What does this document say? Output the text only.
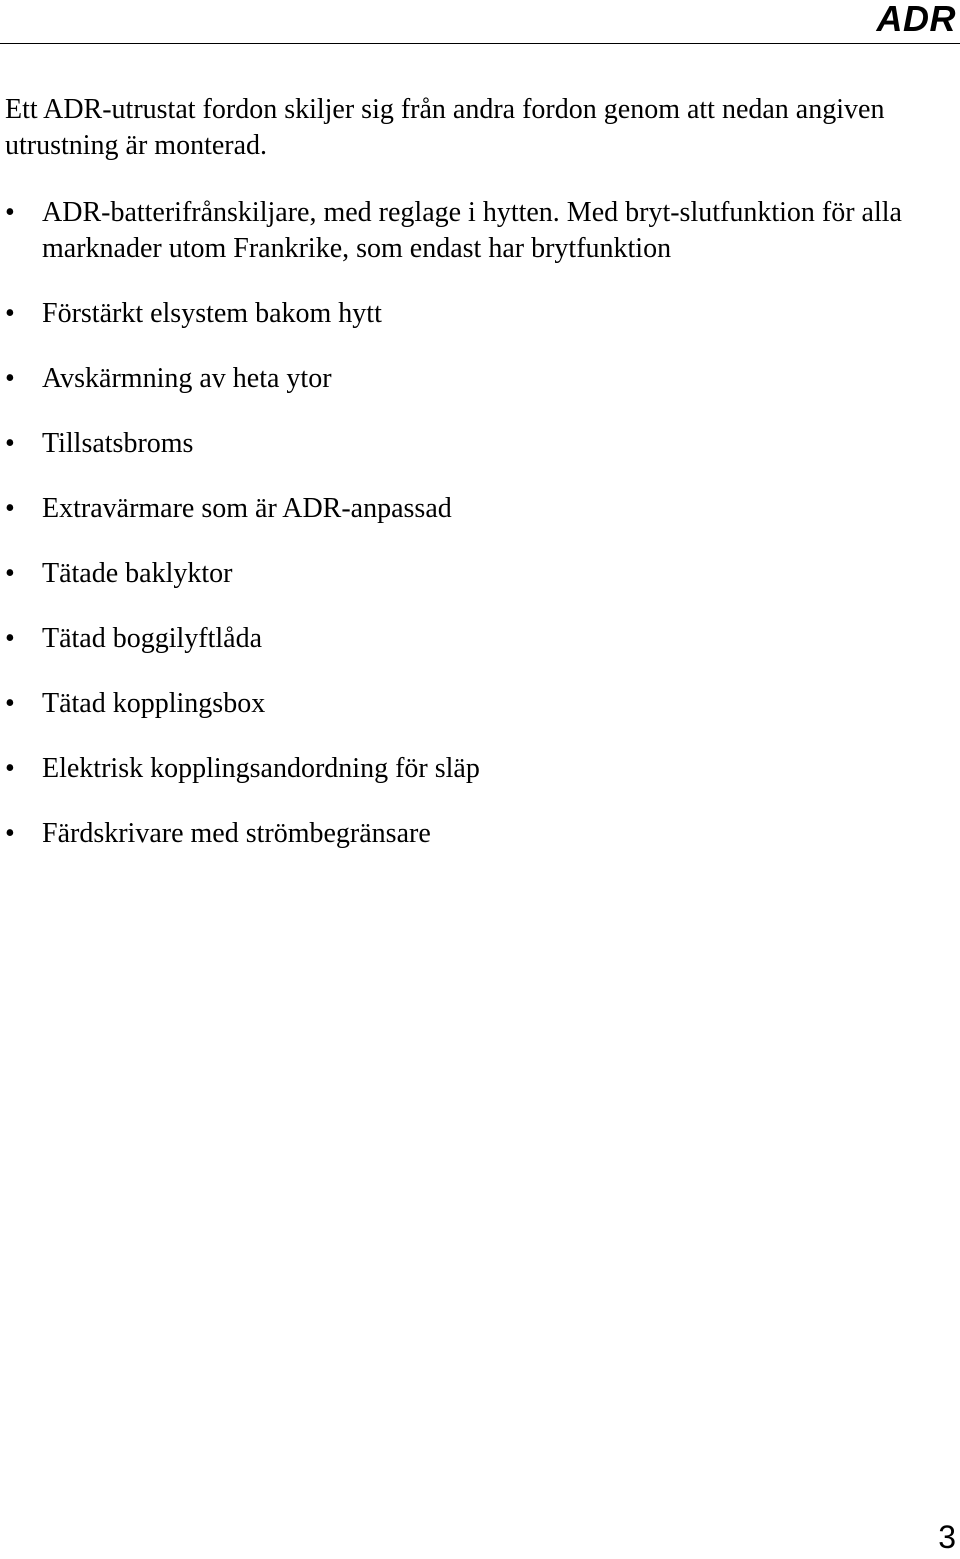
ADR

Ett ADR-utrustat fordon skiljer sig från andra fordon genom att nedan angiven utrustning är monterad.

• ADR-batterifrånskiljare, med reglage i hytten. Med bryt-slutfunktion för alla marknader utom Frankrike, som endast har brytfunktion
• Förstärkt elsystem bakom hytt
• Avskärmning av heta ytor
• Tillsatsbroms
• Extravärmare som är ADR-anpassad
• Tätade baklyktor
• Tätad boggilyftlåda
• Tätad kopplingsbox
• Elektrisk kopplingsandordning för släp
• Färdskrivare med strömbegränsare
3
